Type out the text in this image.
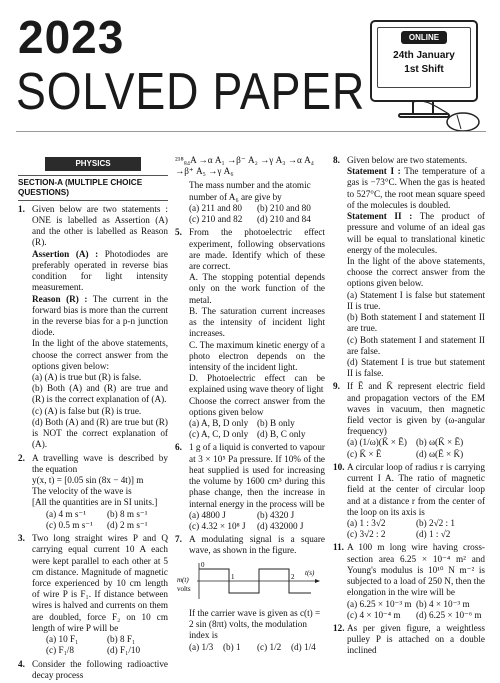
2023
SOLVED PAPER
ONLINE
24th January
1st Shift
PHYSICS
SECTION-A (MULTIPLE CHOICE QUESTIONS)
1. Given below are two statements : ONE is labelled as Assertion (A) and the other is labelled as Reason (R).

Assertion (A) : Photodiodes are preferably operated in reverse bias condition for light intensity measurement.

Reason (R) : The current in the forward bias is more than the current in the reverse bias for a p-n junction diode.

In the light of the above statements, choose the correct answer from the options given below:

(a) (A) is true but (R) is false.

(b) Both (A) and (R) are true and (R) is the correct explanation of (A).

(c) (A) is false but (R) is true.

(d) Both (A) and (R) are true but (R) is NOT the correct explanation of (A).

2. A travelling wave is described by the equation

y(x, t) = [0.05 sin (8x − 4t)] m

The velocity of the wave is

[All the quantities are in SI units.]

(a) 4 m s⁻¹	(b) 8 m s⁻¹
(c) 0.5 m s⁻¹	(d) 2 m s⁻¹
3. Two long straight wires P and Q carrying equal current 10 A each were kept parallel to each other at 5 cm distance. Magnitude of magnetic force experienced by 10 cm length of wire P is F₁. If distance between wires is halved and currents on them are doubled, force F₂ on 10 cm length of wire P will be

(a) 10 F₁	(b) 8 F₁
(c) F₁/8	(d) F₁/10
4. Consider the following radioactive decay process

²¹⁸₈₄A →α A₁ →β⁻ A₂ →γ A₃ →α A₄ →β⁺ A₅ →γ A₆

The mass number and the atomic number of A₆ are give by

(a) 211 and 80	(b) 210 and 80
(c) 210 and 82	(d) 210 and 84
5. From the photoelectric effect experiment, following observations are made. Identify which of these are correct.

A. The stopping potential depends only on the work function of the metal.

B. The saturation current increases as the intensity of incident light increases.

C. The maximum kinetic energy of a photo electron depends on the intensity of the incident light.

D. Photoelectric effect can be explained using wave theory of light

Choose the correct answer from the options given below

(a) A, B, D only (b) B only
(c) A, C, D only (d) B, C only
6. 1 g of a liquid is converted to vapour at 3 × 10⁵ Pa pressure. If 10% of the heat supplied is used for increasing the volume by 1600 cm³ during this phase change, then the increase in internal energy in the process will be

(a) 4800 J	(b) 4320 J
(c) 4.32 × 10⁸ J	(d) 432000 J
7. A modulating signal is a square wave, as shown in the figure.

m(t)
volts
0
1	2 t(s)

If the carrier wave is given as c(t) = 2 sin (8πt) volts, the modulation index is

(a) 1/3	(b) 1	(c) 1/2	(d) 1/4
8. Given below are two statements.

Statement I : The temperature of a gas is −73°C. When the gas is heated to 527°C, the root mean square speed of the molecules is doubled.

Statement II : The product of pressure and volume of an ideal gas will be equal to translational kinetic energy of the molecules.

In the light of the above statements, choose the correct answer from the options given below.

(a) Statement I is false but statement II is true.

(b) Both statement I and statement II are true.

(c) Both statement I and statement II are false.

(d) Statement I is true but statement II is false.

9. If Ē and K̄ represent electric field and propagation vectors of the EM waves in vacuum, then magnetic field vector is given by (ω-angular frequency)

(a) (1/ω)(K̄ × Ē) (b) ω(K̄ × Ē)
(c) K̄ × Ē	(d) ω(Ē × K̄)
10. A circular loop of radius r is carrying current I A. The ratio of magnetic field at the center of circular loop and at a distance r from the center of the loop on its axis is

(a) 1 : 3√2	(b) 2√2 : 1
(c) 3√2 : 2	(d) 1 : √2
11. A 100 m long wire having cross-section area 6.25 × 10⁻⁴ m² and Young's modulus is 10¹⁰ N m⁻² is subjected to a load of 250 N, then the elongation in the wire will be

(a) 6.25 × 10⁻³ m (b) 4 × 10⁻³ m
(c) 4 × 10⁻⁴ m	(d) 6.25 × 10⁻⁶ m
12. As per given figure, a weightless pulley P is attached on a double inclined
